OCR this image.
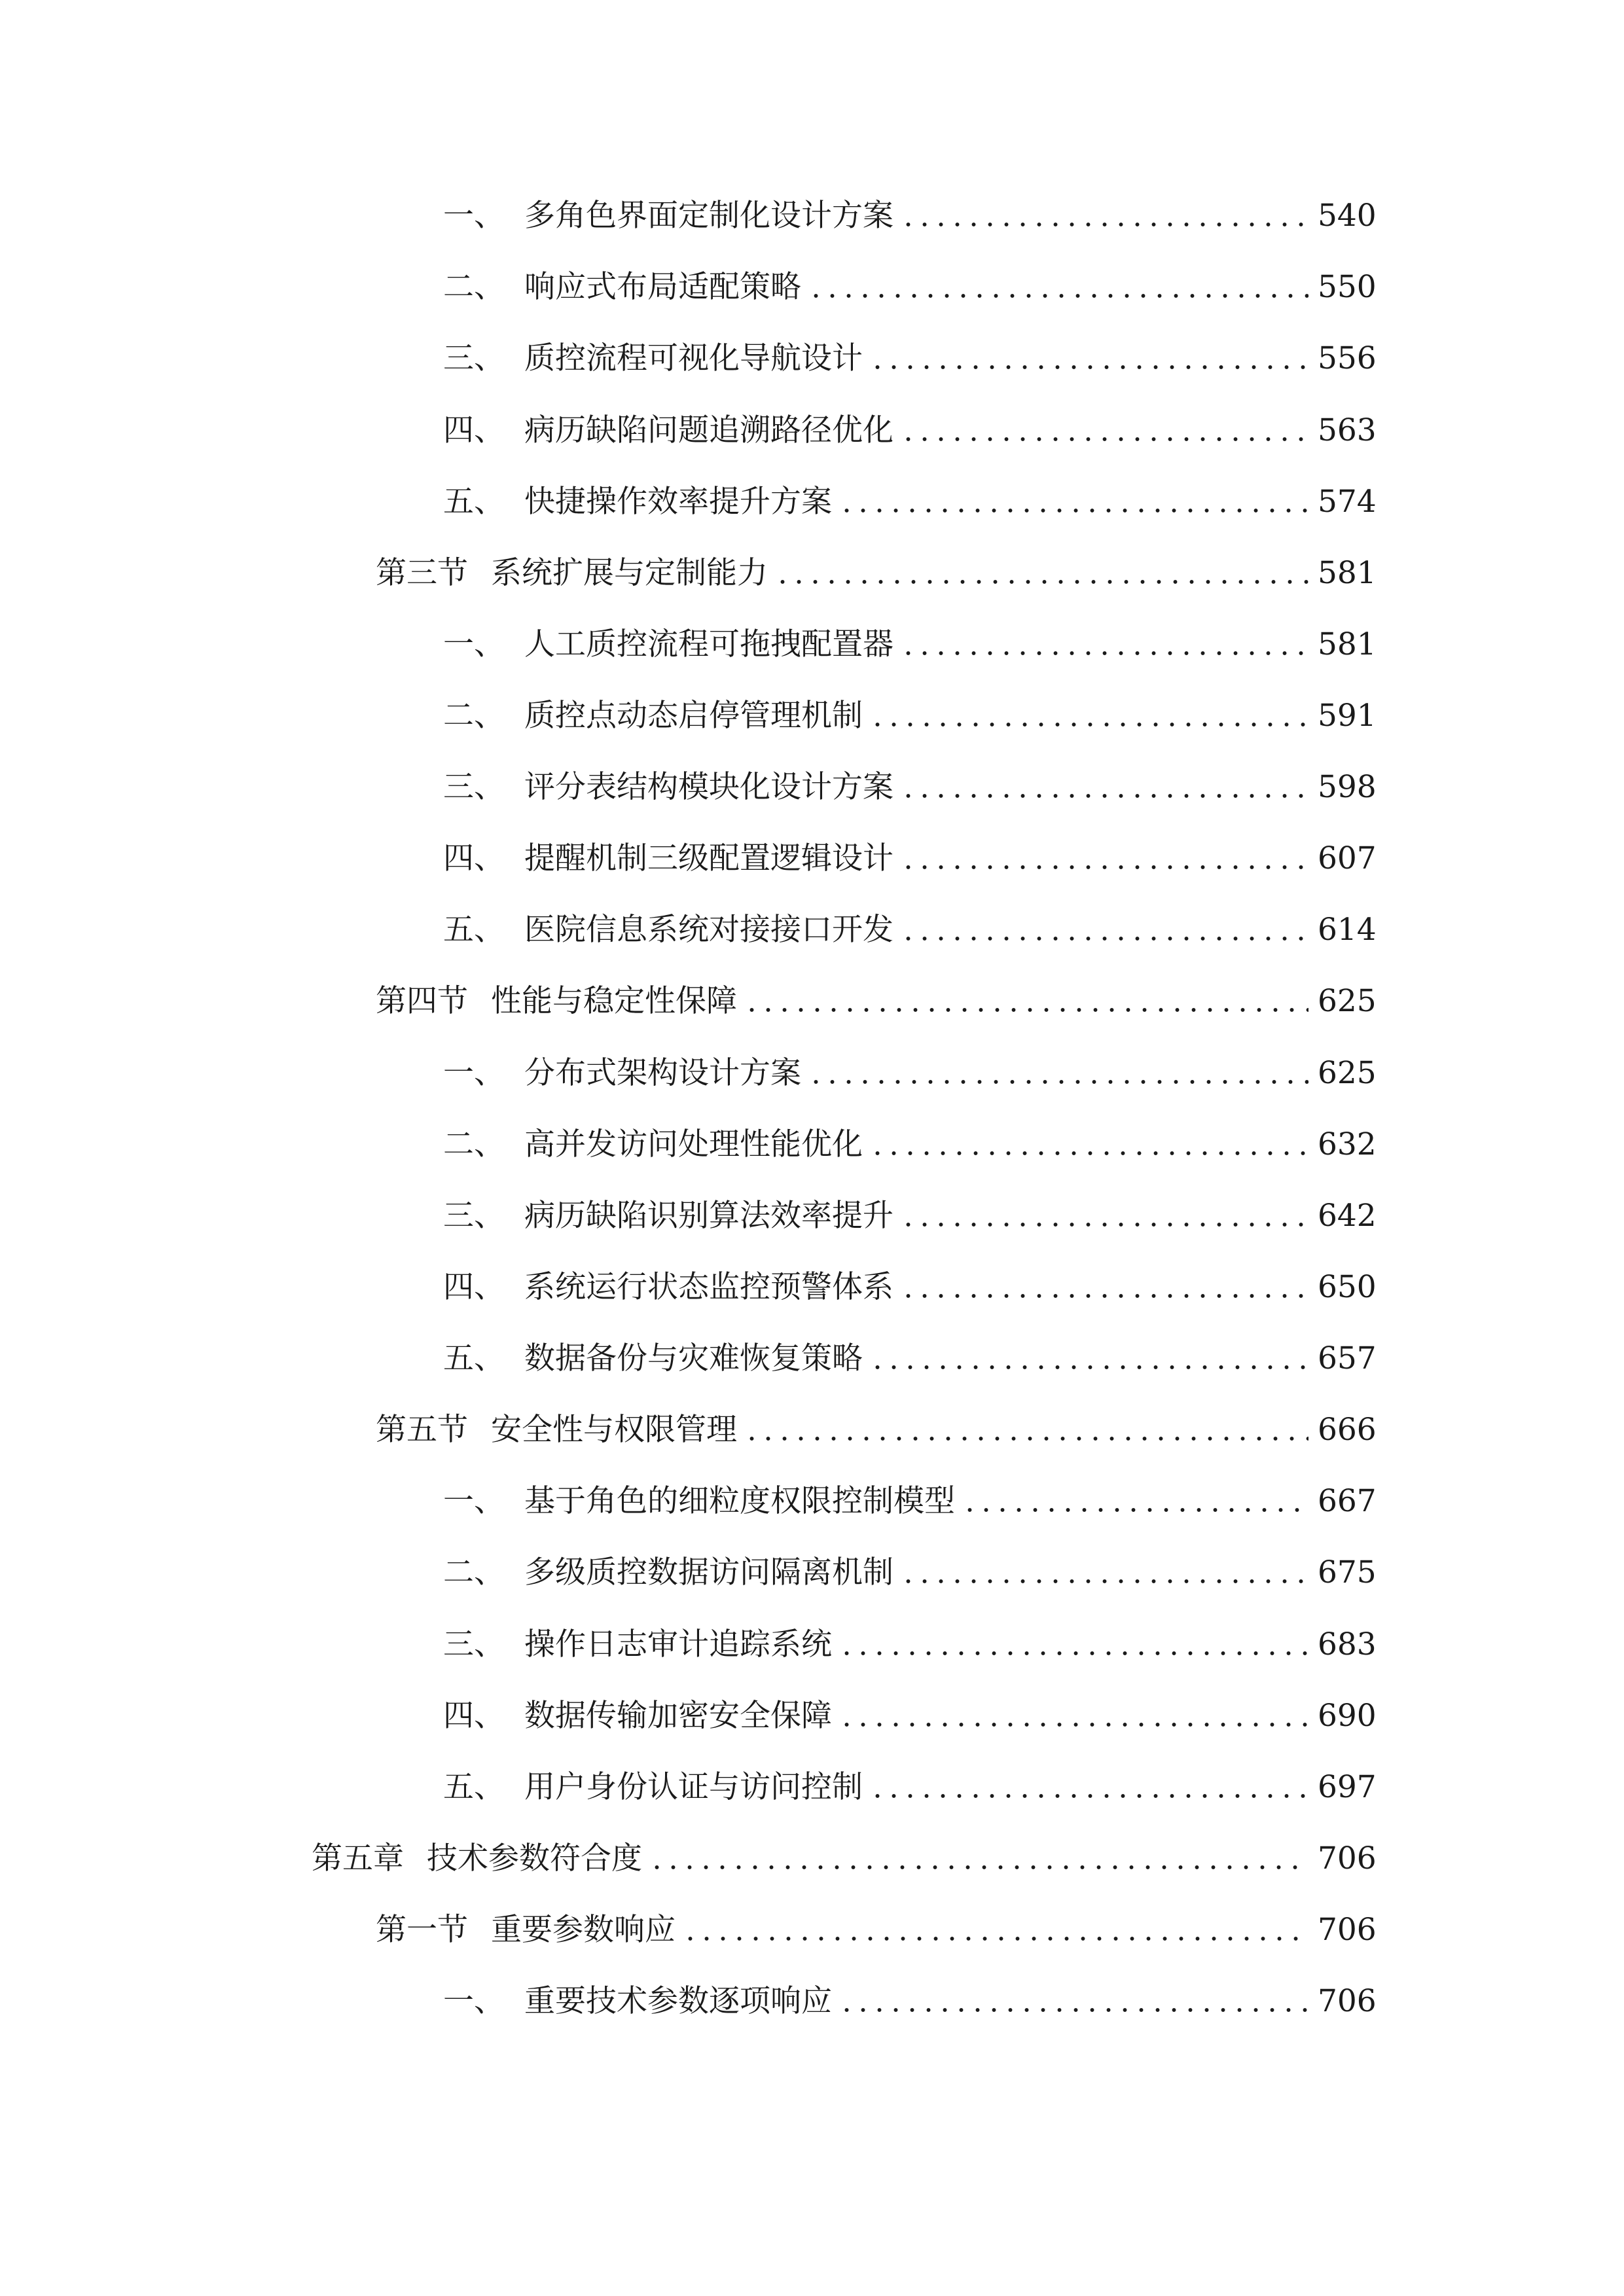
一、 多角色界面定制化设计方案	540
二、 响应式布局适配策略	550
三、 质控流程可视化导航设计	556
四、 病历缺陷问题追溯路径优化	563
五、 快捷操作效率提升方案	574
第三节 系统扩展与定制能力	581
一、 人工质控流程可拖拽配置器	581
二、 质控点动态启停管理机制	591
三、 评分表结构模块化设计方案	598
四、 提醒机制三级配置逻辑设计	607
五、 医院信息系统对接接口开发	614
第四节 性能与稳定性保障	625
一、 分布式架构设计方案	625
二、 高并发访问处理性能优化	632
三、 病历缺陷识别算法效率提升	642
四、 系统运行状态监控预警体系	650
五、 数据备份与灾难恢复策略	657
第五节 安全性与权限管理	666
一、 基于角色的细粒度权限控制模型	667
二、 多级质控数据访问隔离机制	675
三、 操作日志审计追踪系统	683
四、 数据传输加密安全保障	690
五、 用户身份认证与访问控制	697
第五章 技术参数符合度	706
第一节 重要参数响应	706
一、 重要技术参数逐项响应	706
